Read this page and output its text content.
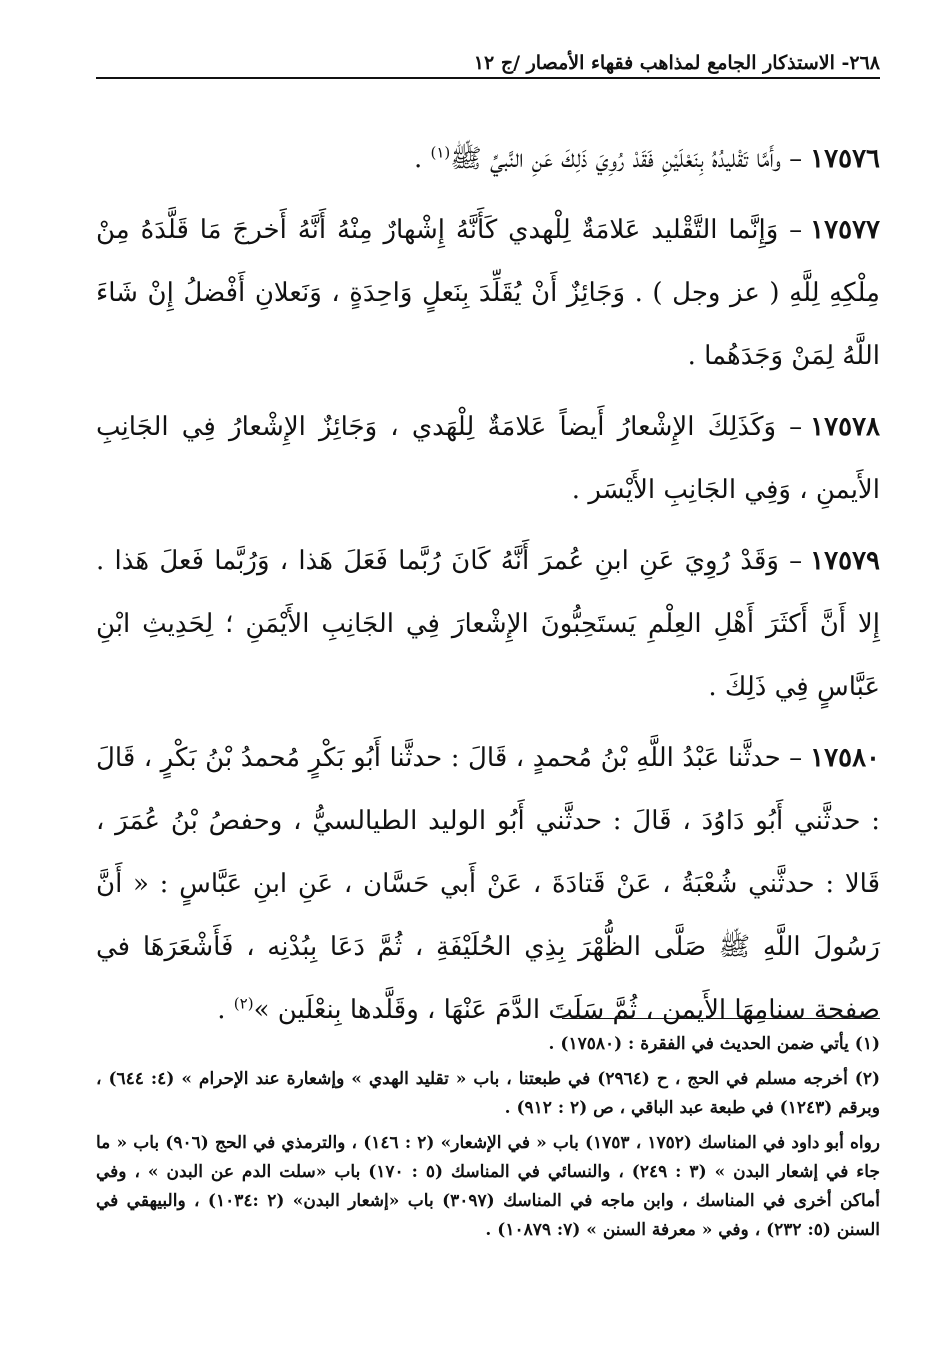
٢٦٨- الاستذكار الجامع لمذاهب فقهاء الأمصار /ج ١٢

١٧٥٧٦– وأَمَّا تَقْليدُهُ بِنَعْلَيْنِ فَقَدْ رُوِيَ ذَلِكَ عَنِ النَّبيِّ ﷺ$^{(١)}$ .

١٧٥٧٧– وَإِنَّما التَّقْليد عَلامَةٌ لِلْهدي كَأَنَّهُ إِشْهارٌ مِنْهُ أَنَّهُ أَخرجَ مَا قَلَّدَهُ مِنْ مِلْكِهِ لِلَّهِ ( عز وجل ) . وَجَائِزٌ أَنْ يُقَلِّدَ بِنَعلٍ وَاحِدَةٍ ، وَنَعلانِ أَفْضلُ إِنْ شَاءَ اللَّهُ لِمَنْ وَجَدَهُما .

١٧٥٧٨– وَكَذَلِكَ الإِشْعارُ أَيضاً عَلامَةٌ لِلْهَدي ، وَجَائِزٌ الإِشْعارُ فِي الجَانِبِ الأَيمنِ ، وَفِي الجَانِبِ الأَيْسَر .

١٧٥٧٩– وَقَدْ رُوِيَ عَنِ ابنِ عُمرَ أَنَّهُ كَانَ رُبَّما فَعَلَ هَذا ، وَرُبَّما فَعلَ هَذا . إِلا أَنَّ أَكثَرَ أَهْلِ العِلْمِ يَستَحِبُّونَ الإِشْعارَ فِي الجَانِبِ الأَيْمَنِ ؛ لِحَدِيثِ ابْنِ عَبَّاسٍ فِي ذَلِكَ .

١٧٥٨٠– حدثَّنا عَبْدُ اللَّهِ بْنُ مُحمدٍ ، قَالَ : حدثَّنا أَبُو بَكْرٍ مُحمدُ بْنُ بَكْرٍ ، قَالَ : حدثَّني أَبُو دَاوُدَ ، قَالَ : حدثَّني أَبُو الوليد الطيالسيُّ ، وحفصُ بْنُ عُمَرَ ، قَالا : حدثَّني شُعْبَةُ ، عَنْ قَتادَةَ ، عَنْ أَبي حَسَّان ، عَنِ ابنِ عَبَّاسٍ : « أَنَّ رَسُولَ اللَّهِ ﷺ صَلَّى الظُّهْرَ بِذِي الحُلَيْفَةِ ، ثُمَّ دَعَا بِبُدْنِه ، فَأَشْعَرَهَا في صفحة سنامِهَا الأَيمن ، ثُمَّ سَلَتَ الدَّمَ عَنْهَا ، وقَلَّدها بِنعْلَين »$^{(٢)}$ .

(١) يأتي ضمن الحديث في الفقرة : (١٧٥٨٠) .

(٢) أخرجه مسلم في الحج ، ح (٢٩٦٤) في طبعتنا ، باب « تقليد الهدي » وإشعارة عند الإحرام » (٤: ٦٤٤) ، وبرقم (١٢٤٣) في طبعة عبد الباقي ، ص (٢ : ٩١٢) .

رواه أبو داود في المناسك (١٧٥٢ ، ١٧٥٣) باب « في الإشعار» (٢ : ١٤٦) ، والترمذي في الحج (٩٠٦) باب « ما جاء في إشعار البدن » (٣ : ٢٤٩) ، والنسائي في المناسك (٥ : ١٧٠) باب «سلت الدم عن البدن » ، وفي أماكن أخرى في المناسك ، وابن ماجه في المناسك (٣٠٩٧) باب «إشعار البدن» (٢ :١٠٣٤) ، والبيهقي في السنن (٥: ٢٣٢) ، وفي « معرفة السنن » (٧: ١٠٨٧٩) .
